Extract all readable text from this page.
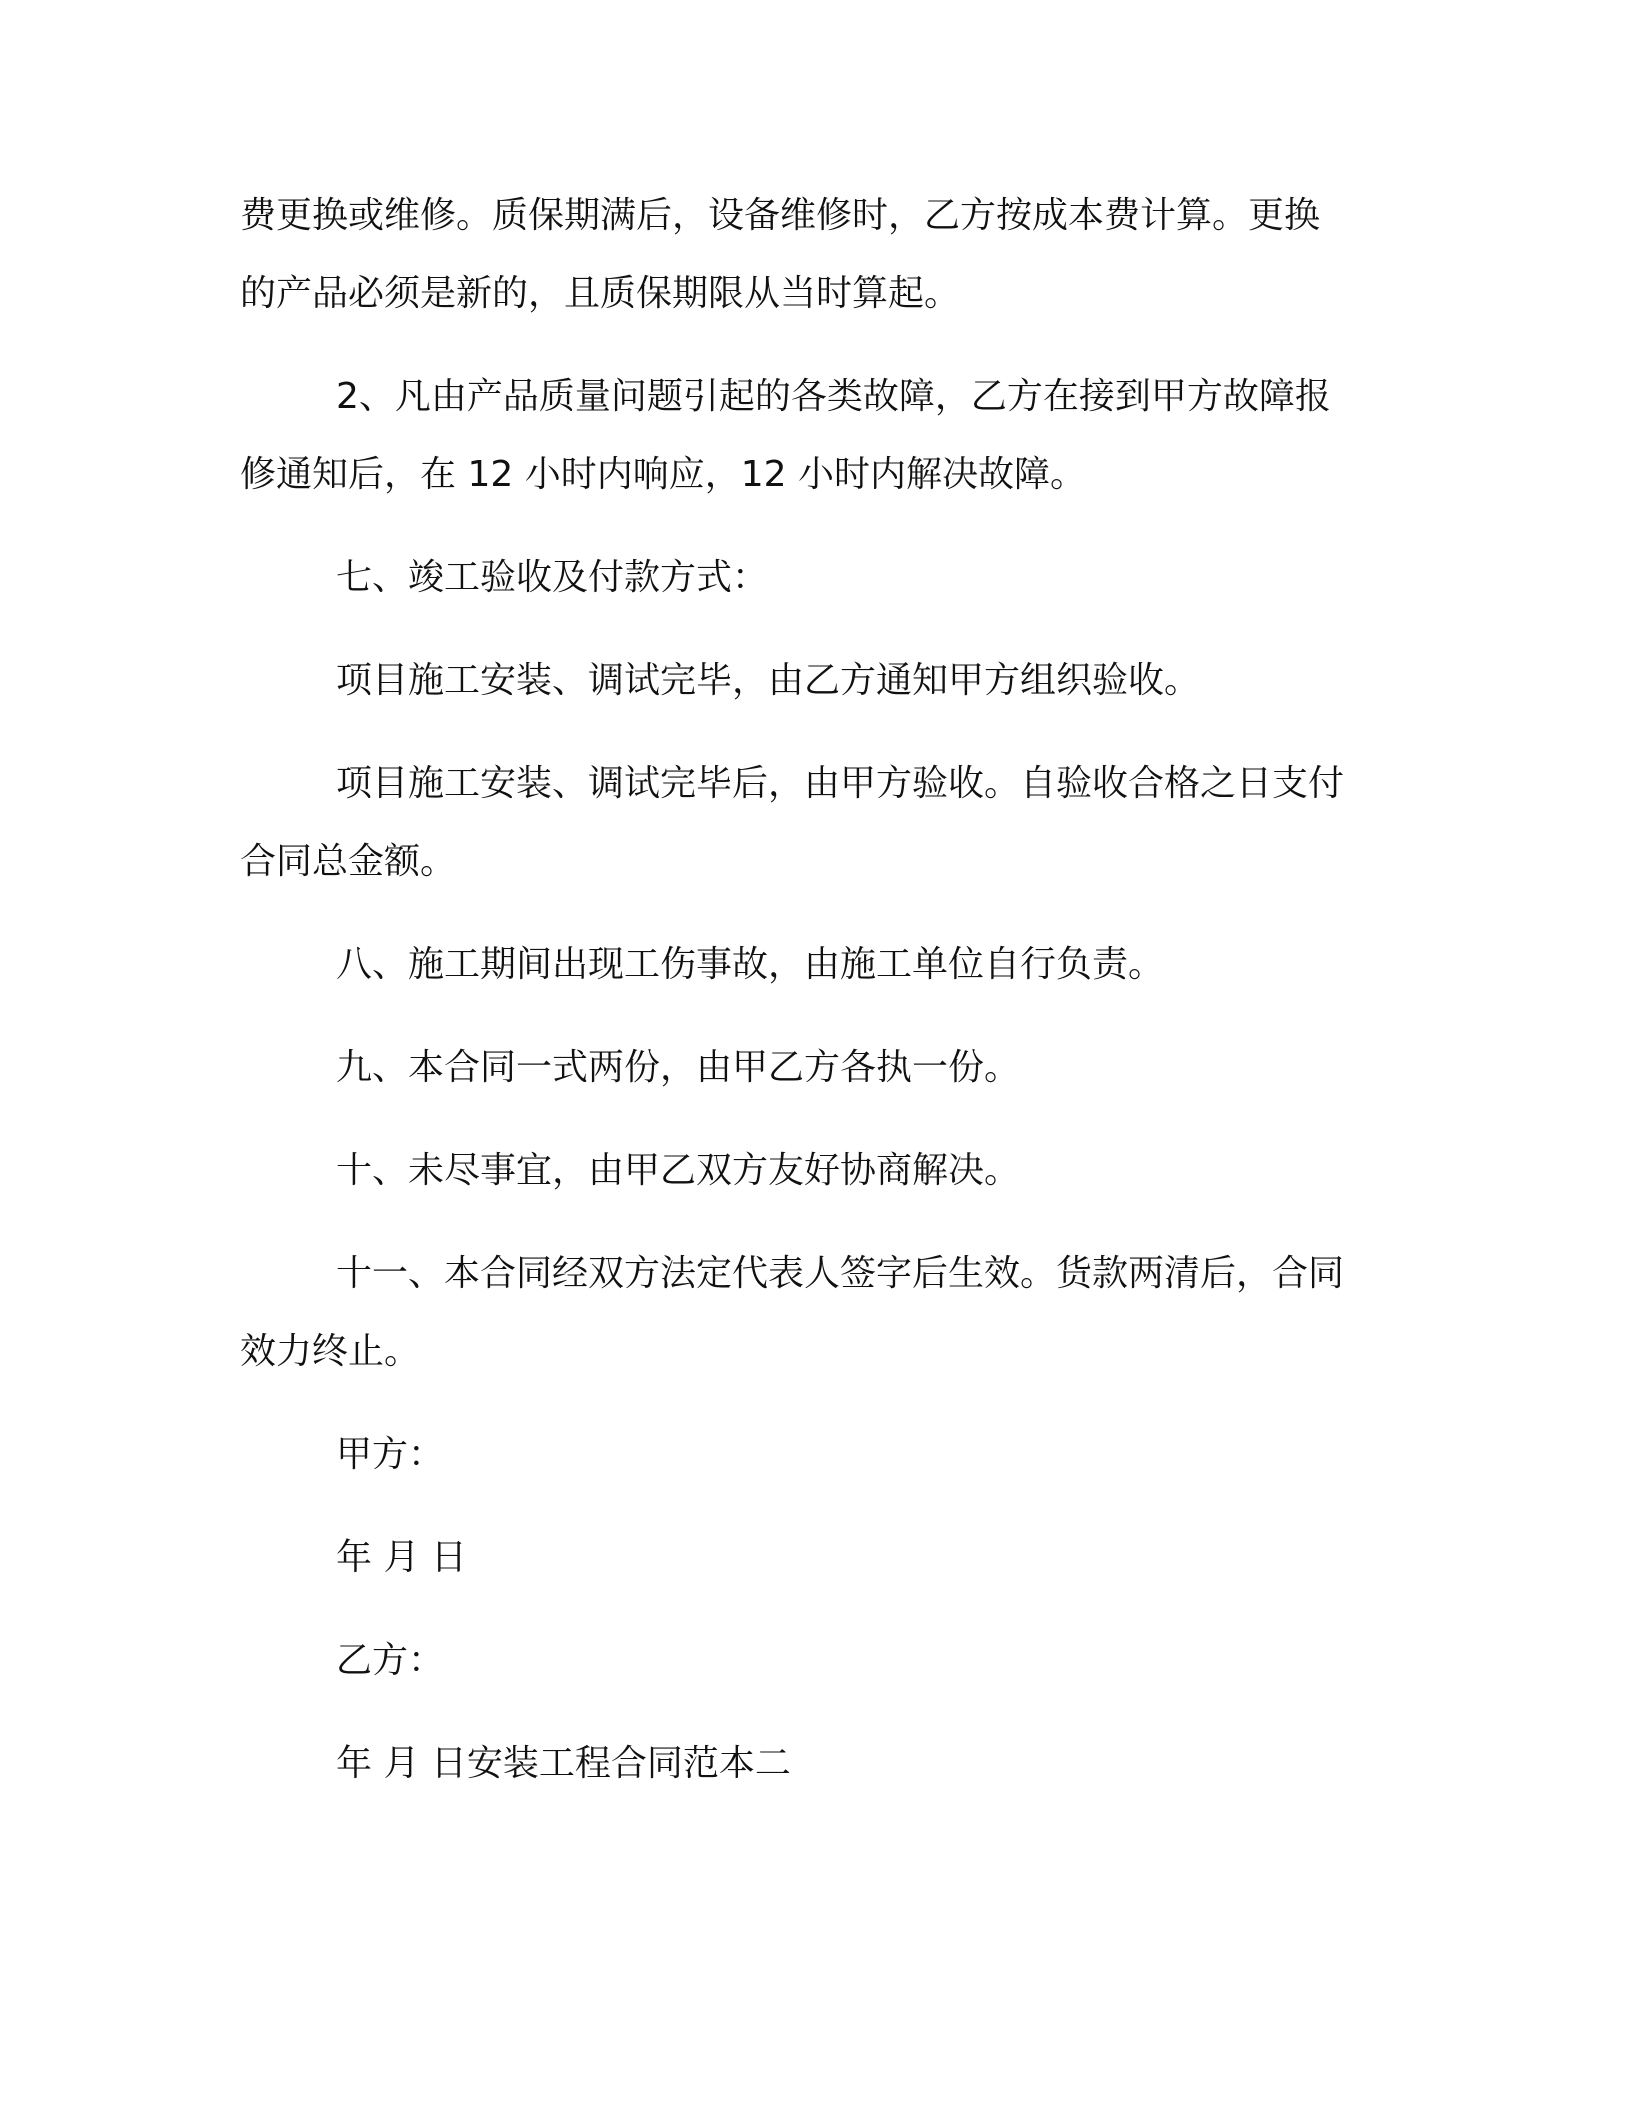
费更换或维修。质保期满后，设备维修时，乙方按成本费计算。更换

的产品必须是新的，且质保期限从当时算起。

2、凡由产品质量问题引起的各类故障，乙方在接到甲方故障报

修通知后，在 12 小时内响应，12 小时内解决故障。

七、竣工验收及付款方式：

项目施工安装、调试完毕，由乙方通知甲方组织验收。

项目施工安装、调试完毕后，由甲方验收。自验收合格之日支付

合同总金额。

八、施工期间出现工伤事故，由施工单位自行负责。

九、本合同一式两份，由甲乙方各执一份。

十、未尽事宜，由甲乙双方友好协商解决。

十一、本合同经双方法定代表人签字后生效。货款两清后，合同

效力终止。

甲方：

年 月 日

乙方：

年 月 日安装工程合同范本二
